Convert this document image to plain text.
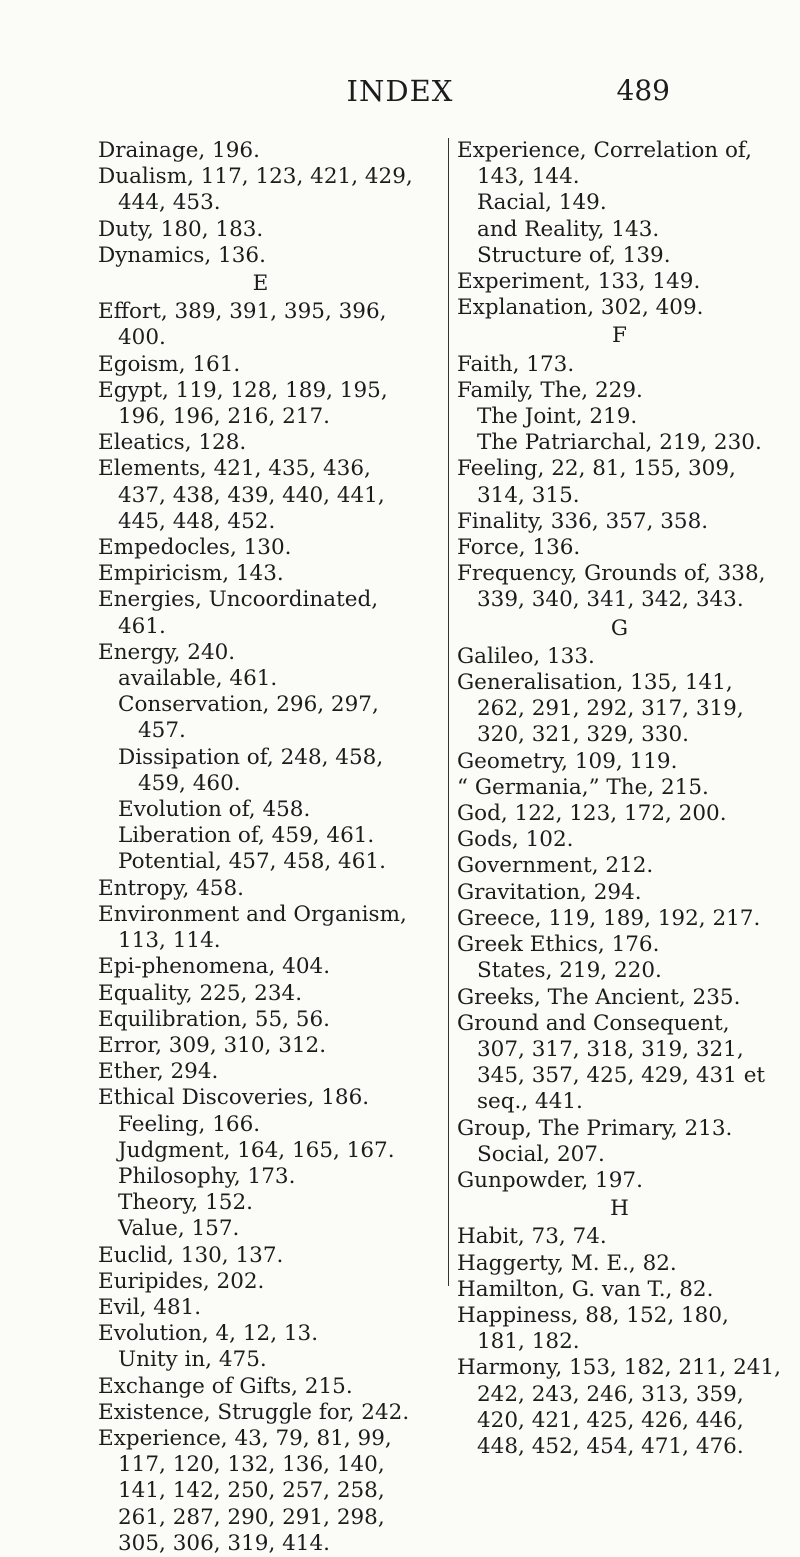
INDEX	489
Drainage, 196.
Dualism, 117, 123, 421, 429, 444, 453.
Duty, 180, 183.
Dynamics, 136.
E
Effort, 389, 391, 395, 396, 400.
Egoism, 161.
Egypt, 119, 128, 189, 195, 196, 196, 216, 217.
Eleatics, 128.
Elements, 421, 435, 436, 437, 438, 439, 440, 441, 445, 448, 452.
Empedocles, 130.
Empiricism, 143.
Energies, Uncoordinated, 461.
Energy, 240.
available, 461.
Conservation, 296, 297, 457.
Dissipation of, 248, 458, 459, 460.
Evolution of, 458.
Liberation of, 459, 461.
Potential, 457, 458, 461.
Entropy, 458.
Environment and Organism, 113, 114.
Epi-phenomena, 404.
Equality, 225, 234.
Equilibration, 55, 56.
Error, 309, 310, 312.
Ether, 294.
Ethical Discoveries, 186.
Feeling, 166.
Judgment, 164, 165, 167.
Philosophy, 173.
Theory, 152.
Value, 157.
Euclid, 130, 137.
Euripides, 202.
Evil, 481.
Evolution, 4, 12, 13.
Unity in, 475.
Exchange of Gifts, 215.
Existence, Struggle for, 242.
Experience, 43, 79, 81, 99, 117, 120, 132, 136, 140, 141, 142, 250, 257, 258, 261, 287, 290, 291, 298, 305, 306, 319, 414.
Experience, Correlation of, 143, 144.
Racial, 149.
and Reality, 143.
Structure of, 139.
Experiment, 133, 149.
Explanation, 302, 409.
F
Faith, 173.
Family, The, 229.
The Joint, 219.
The Patriarchal, 219, 230.
Feeling, 22, 81, 155, 309, 314, 315.
Finality, 336, 357, 358.
Force, 136.
Frequency, Grounds of, 338, 339, 340, 341, 342, 343.
G
Galileo, 133.
Generalisation, 135, 141, 262, 291, 292, 317, 319, 320, 321, 329, 330.
Geometry, 109, 119.
“ Germania,” The, 215.
God, 122, 123, 172, 200.
Gods, 102.
Government, 212.
Gravitation, 294.
Greece, 119, 189, 192, 217.
Greek Ethics, 176.
States, 219, 220.
Greeks, The Ancient, 235.
Ground and Consequent, 307, 317, 318, 319, 321, 345, 357, 425, 429, 431 et seq., 441.
Group, The Primary, 213.
Social, 207.
Gunpowder, 197.
H
Habit, 73, 74.
Haggerty, M. E., 82.
Hamilton, G. van T., 82.
Happiness, 88, 152, 180, 181, 182.
Harmony, 153, 182, 211, 241, 242, 243, 246, 313, 359, 420, 421, 425, 426, 446, 448, 452, 454, 471, 476.
